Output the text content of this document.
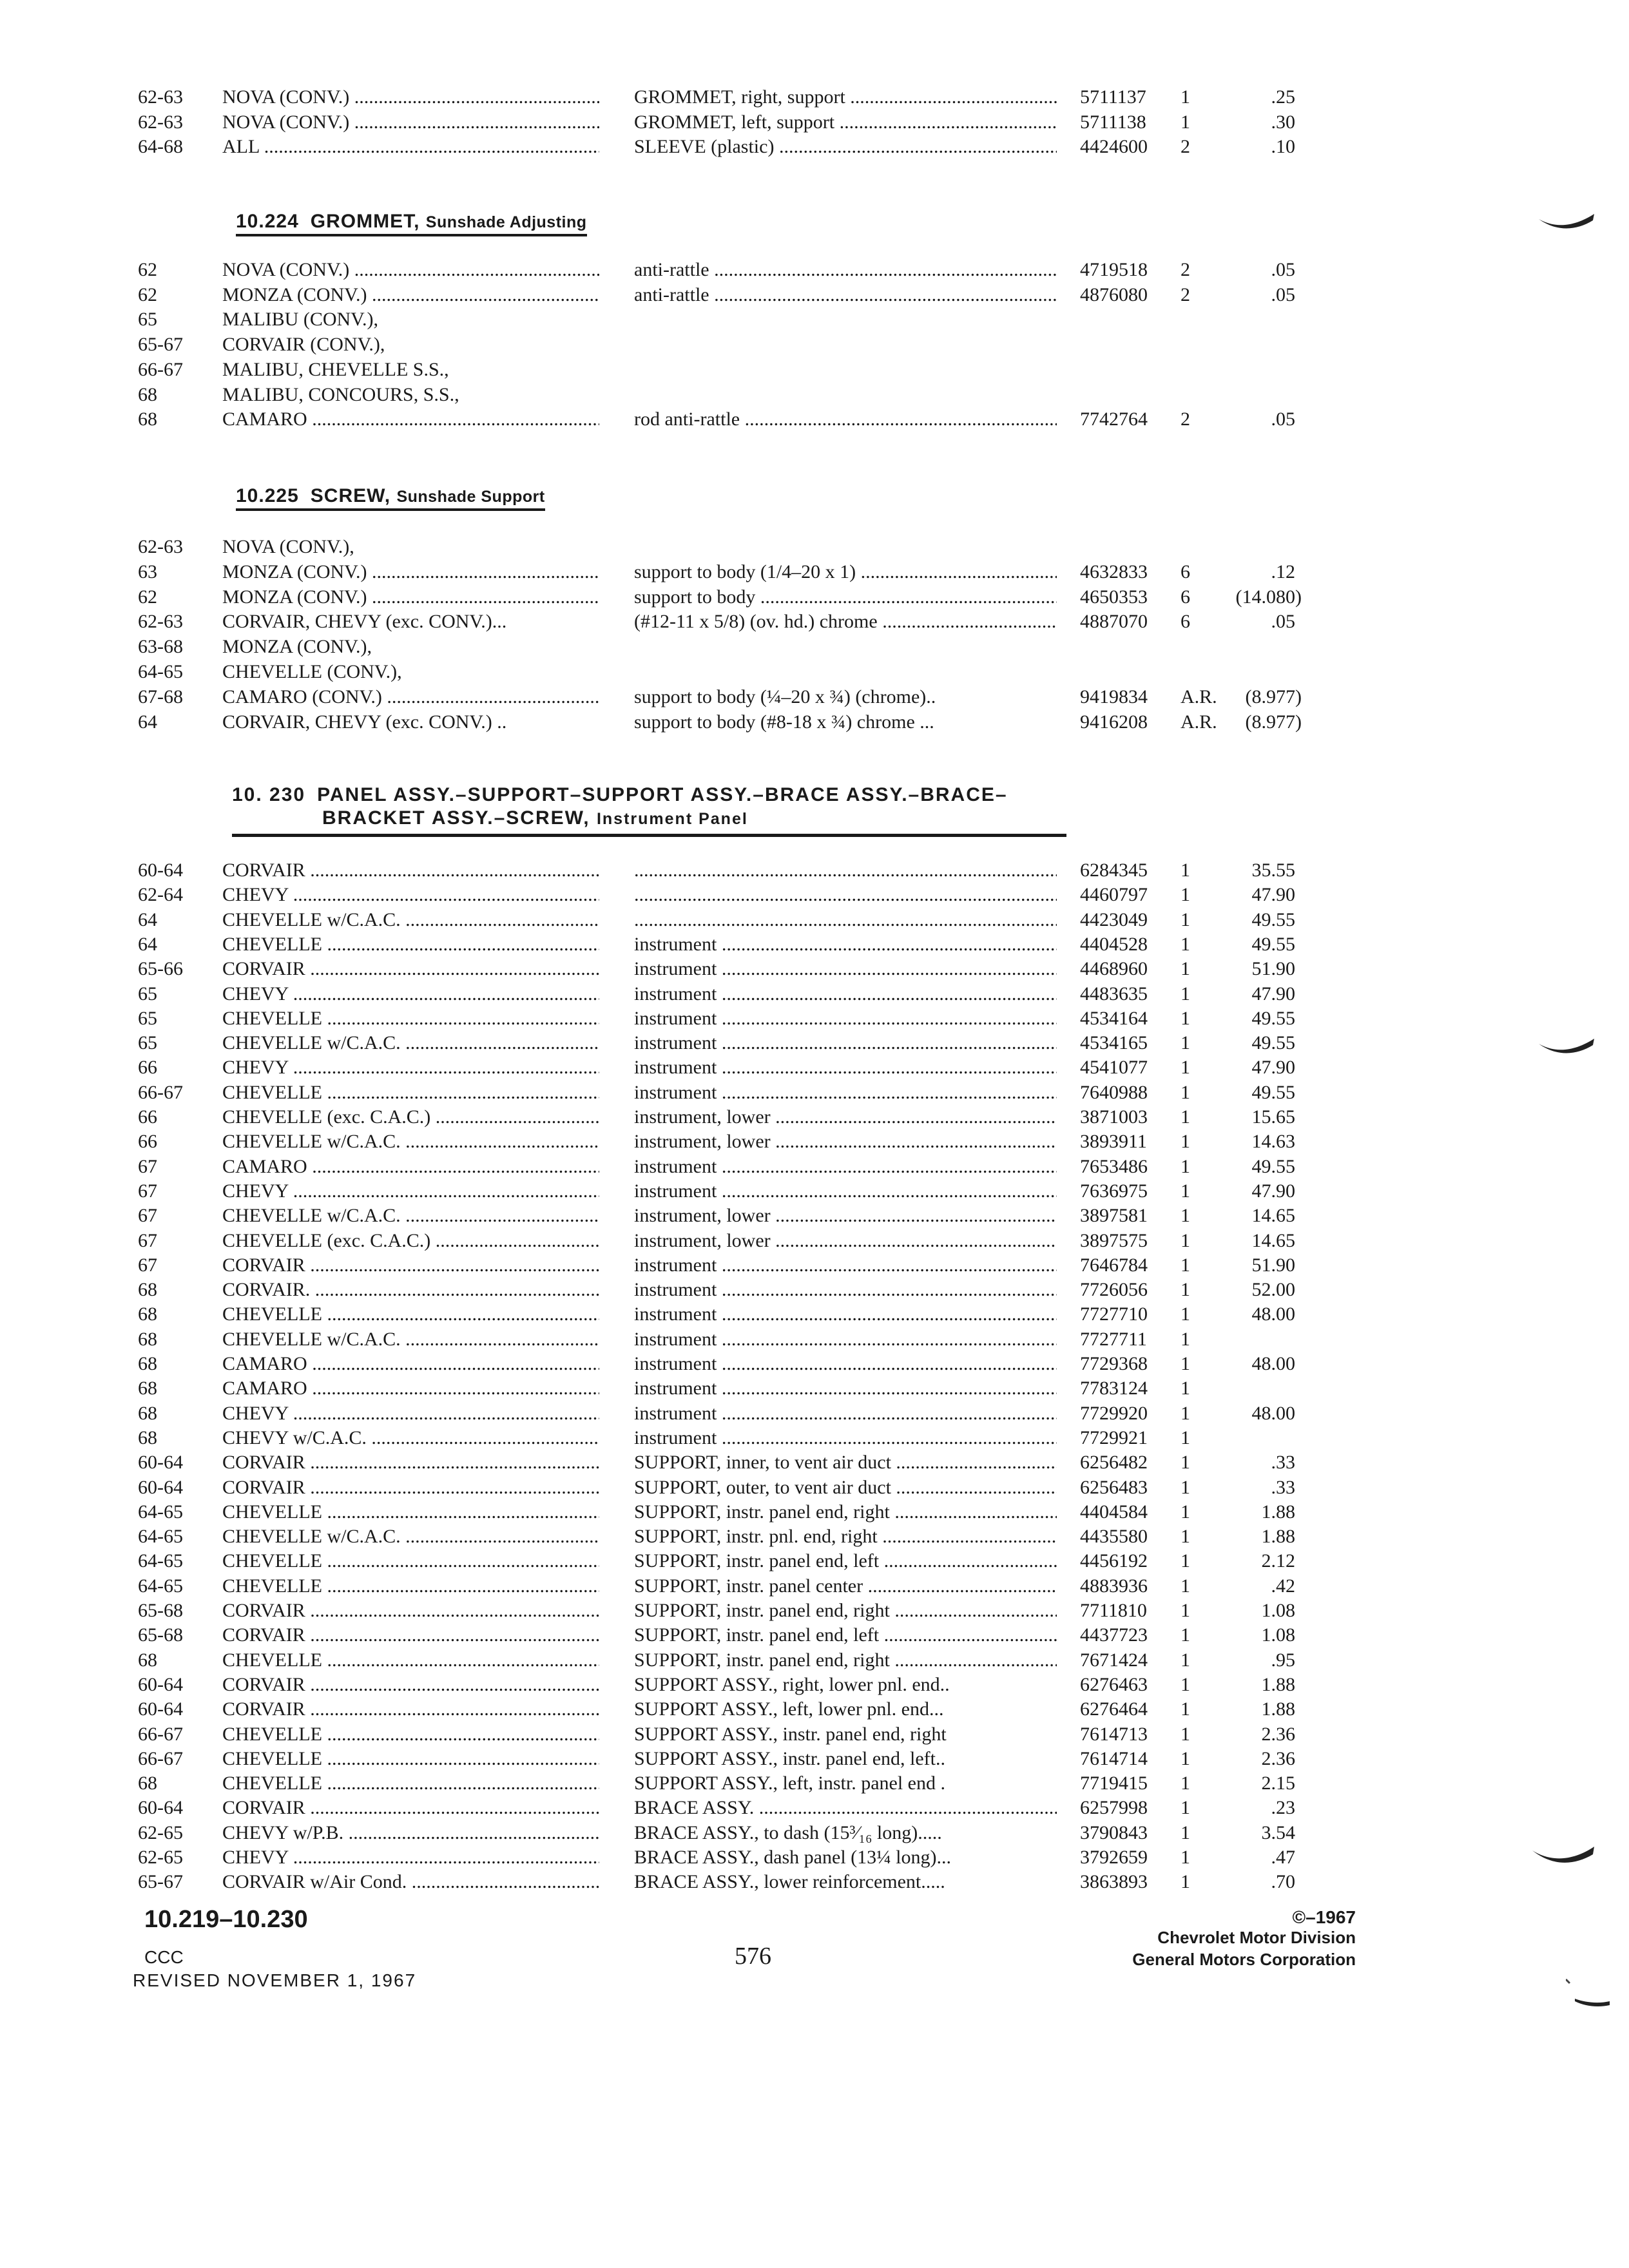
62-63 NOVA (CONV.) .....	GROMMET, right, support .....	5711137 1	.25
62-63 NOVA (CONV.) .....	GROMMET, left, support .....	5711138 1	.30
64-68 ALL .....	SLEEVE (plastic) .....	4424600 2	.10
10.224 GROMMET, Sunshade Adjusting
62	NOVA (CONV.) .....	anti-rattle .....	4719518 2	.05
62	MONZA (CONV.) .....	anti-rattle .....	4876080 2	.05
65	MALIBU (CONV.),
65-67 CORVAIR (CONV.),
66-67 MALIBU, CHEVELLE S.S.,
68	MALIBU, CONCOURS, S.S.,
68	CAMARO .....	rod anti-rattle .....	7742764 2	.05
10.225 SCREW, Sunshade Support
62-63 NOVA (CONV.),
63	MONZA (CONV.) .....	support to body (1/4–20 x 1) .....	4632833 6	.12
62	MONZA (CONV.) .....	support to body .....	4650353 6	(14.080)
62-63 CORVAIR, CHEVY (exc. CONV.)...	(#12-11 x 5/8) (ov. hd.) chrome .....	4887070 6	.05
63-68 MONZA (CONV.),
64-65 CHEVELLE (CONV.),
67-68 CAMARO (CONV.) .....	support to body (¼–20 x ¾) (chrome)..	9419834 A.R.	(8.977)
64	CORVAIR, CHEVY (exc. CONV.) ..	support to body (#8-18 x ¾) chrome ...	9416208 A.R.	(8.977)
10. 230 PANEL ASSY.–SUPPORT–SUPPORT ASSY.–BRACE ASSY.–BRACE–
BRACKET ASSY.–SCREW, Instrument Panel
60-64 CORVAIR ..... .....	6284345 1	35.55
62-64 CHEVY ..... .....	4460797 1	47.90
64	CHEVELLE w/C.A.C. ..... .....	4423049 1	49.55
64	CHEVELLE .....	instrument .....	4404528 1	49.55
65-66 CORVAIR .....	instrument .....	4468960 1	51.90
65	CHEVY .....	instrument .....	4483635 1	47.90
65	CHEVELLE .....	instrument .....	4534164 1	49.55
65	CHEVELLE w/C.A.C. .....	instrument .....	4534165 1	49.55
66	CHEVY .....	instrument .....	4541077 1	47.90
66-67 CHEVELLE .....	instrument .....	7640988 1	49.55
66	CHEVELLE (exc. C.A.C.) .....	instrument, lower .....	3871003 1	15.65
66	CHEVELLE w/C.A.C. .....	instrument, lower .....	3893911 1	14.63
67	CAMARO .....	instrument .....	7653486 1	49.55
67	CHEVY .....	instrument .....	7636975 1	47.90
67	CHEVELLE w/C.A.C. .....	instrument, lower .....	3897581 1	14.65
67	CHEVELLE (exc. C.A.C.) .....	instrument, lower .....	3897575 1	14.65
67	CORVAIR .....	instrument .....	7646784 1	51.90
68	CORVAIR. .....	instrument .....	7726056 1	52.00
68	CHEVELLE .....	instrument .....	7727710 1	48.00
68	CHEVELLE w/C.A.C. .....	instrument .....	7727711 1
68	CAMARO .....	instrument .....	7729368 1	48.00
68	CAMARO .....	instrument .....	7783124 1
68	CHEVY .....	instrument .....	7729920 1	48.00
68	CHEVY w/C.A.C. .....	instrument .....	7729921 1
60-64 CORVAIR .....	SUPPORT, inner, to vent air duct .....	6256482 1	.33
60-64 CORVAIR .....	SUPPORT, outer, to vent air duct .....	6256483 1	.33
64-65 CHEVELLE .....	SUPPORT, instr. panel end, right .....	4404584 1	1.88
64-65 CHEVELLE w/C.A.C. .....	SUPPORT, instr. pnl. end, right .....	4435580 1	1.88
64-65 CHEVELLE .....	SUPPORT, instr. panel end, left .....	4456192 1	2.12
64-65 CHEVELLE .....	SUPPORT, instr. panel center .....	4883936 1	.42
65-68 CORVAIR .....	SUPPORT, instr. panel end, right .....	7711810 1	1.08
65-68 CORVAIR .....	SUPPORT, instr. panel end, left .....	4437723 1	1.08
68	CHEVELLE .....	SUPPORT, instr. panel end, right .....	7671424 1	.95
60-64 CORVAIR .....	SUPPORT ASSY., right, lower pnl. end..	6276463 1	1.88
60-64 CORVAIR .....	SUPPORT ASSY., left, lower pnl. end...	6276464 1	1.88
66-67 CHEVELLE .....	SUPPORT ASSY., instr. panel end, right	7614713 1	2.36
66-67 CHEVELLE .....	SUPPORT ASSY., instr. panel end, left..	7614714 1	2.36
68	CHEVELLE .....	SUPPORT ASSY., left, instr. panel end .	7719415 1	2.15
60-64 CORVAIR .....	BRACE ASSY. .....	6257998 1	.23
62-65 CHEVY w/P.B. .....	BRACE ASSY., to dash (15³⁄₁₆ long).....	3790843 1	3.54
62-65 CHEVY .....	BRACE ASSY., dash panel (13¼ long)...	3792659 1	.47
65-67 CORVAIR w/Air Cond. .....	BRACE ASSY., lower reinforcement.....	3863893 1	.70
10.219–10.230
CCC
REVISED NOVEMBER 1, 1967
576
©–1967
Chevrolet Motor Division
General Motors Corporation
